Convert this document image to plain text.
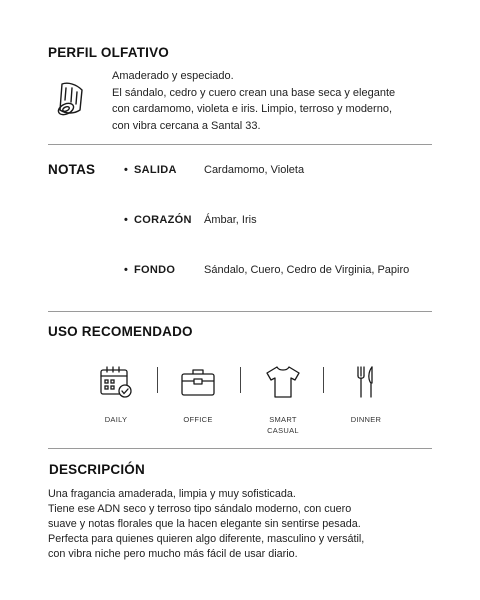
PERFIL OLFATIVO
Amaderado y especiado.
El sándalo, cedro y cuero crean una base seca y elegante
con cardamomo, violeta e iris. Limpio, terroso y moderno,
con vibra cercana a Santal 33.
NOTAS	• SALIDA Cardamomo, Violeta
• CORAZÓN Ámbar, Iris
• FONDO	Sándalo, Cuero, Cedro de Virginia, Papiro
USO RECOMENDADO
DAILY	OFFICE	SMART CASUAL
DINNER
DESCRIPCIÓN
Una fragancia amaderada, limpia y muy sofisticada.
Tiene ese ADN seco y terroso tipo sándalo moderno, con cuero
suave y notas florales que la hacen elegante sin sentirse pesada.
Perfecta para quienes quieren algo diferente, masculino y versátil,
con vibra niche pero mucho más fácil de usar diario.
